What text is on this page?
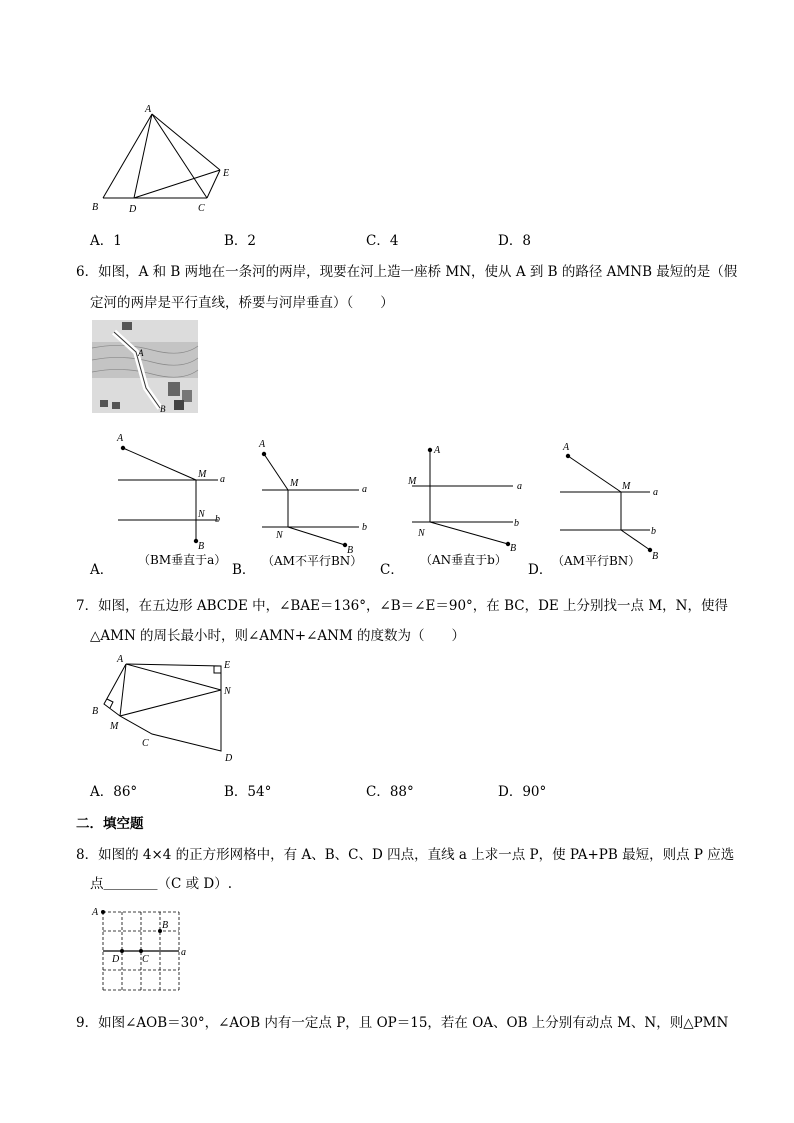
A
B	D	C
E
A．1	B．2	C．4	D．8
6．如图，A 和 B 两地在一条河的两岸，现要在河上造一座桥 MN，使从 A 到 B 的路径 AMNB 最短的是（假
定河的两岸是平行直线，桥要与河岸垂直）（　　）
A
B
A
M a
N b
B
A
M
a
N
b
B
A
M	a
N
b
B
A
M
a
b
B
A．
（BM垂直于a）
B．
（AM不平行BN）
C．
（AN垂直于b）
D．
（AM平行BN）
7．如图，在五边形 ABCDE 中，∠BAE＝136°，∠B＝∠E＝90°，在 BC，DE 上分别找一点 M，N，使得
△AMN 的周长最小时，则∠AMN+∠ANM 的度数为（　　）
A
E
N
B
M
C
D
A．86°	B．54°	C．88°	D．90°
二．填空题
8．如图的 4×4 的正方形网格中，有 A、B、C、D 四点，直线 a 上求一点 P，使 PA+PB 最短，则点 P 应选
点＿＿＿＿（C 或 D）.
A
B
D C
a
9．如图∠AOB＝30°，∠AOB 内有一定点 P，且 OP＝15，若在 OA、OB 上分别有动点 M、N，则△PMN
